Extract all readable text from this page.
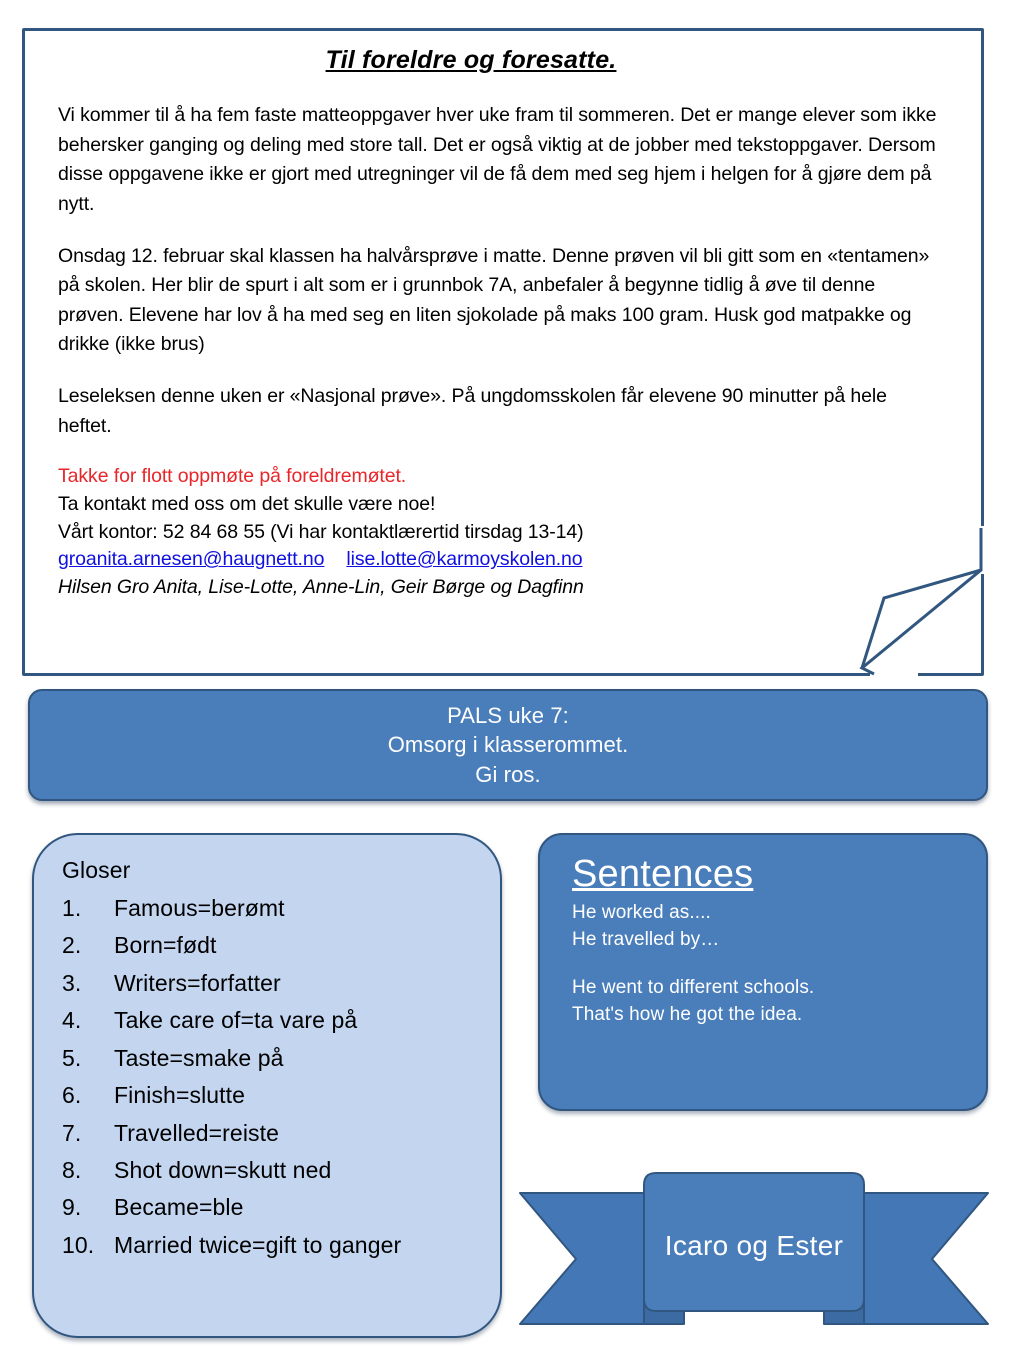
Til foreldre og foresatte.

Vi kommer til å ha fem faste matteoppgaver hver uke fram til sommeren. Det er mange elever som ikke behersker ganging og deling med store tall. Det er også viktig at de jobber med tekstoppgaver. Dersom disse oppgavene ikke er gjort med utregninger vil de få dem med seg hjem i helgen for å gjøre dem på nytt.

Onsdag 12. februar skal klassen ha halvårsprøve i matte. Denne prøven vil bli gitt som en «tentamen» på skolen. Her blir de spurt i alt som er i grunnbok 7A, anbefaler å begynne tidlig å øve til denne prøven. Elevene har lov å ha med seg en liten sjokolade på maks 100 gram. Husk god matpakke og drikke (ikke brus)

Leseleksen denne uken er «Nasjonal prøve». På ungdomsskolen får elevene 90 minutter på hele heftet.

Takke for flott oppmøte på foreldremøtet.
Ta kontakt med oss om det skulle være noe!
Vårt kontor: 52 84 68 55 (Vi har kontaktlærertid tirsdag 13-14)
groanita.arnesen@haugnett.no lise.lotte@karmoyskolen.no
Hilsen Gro Anita, Lise-Lotte, Anne-Lin, Geir Børge og Dagfinn
PALS uke 7:
Omsorg i klasserommet.
Gi ros.
Gloser
1.	Famous=berømt
2.	Born=født
3.	Writers=forfatter
4.	Take care of=ta vare på
5.	Taste=smake på
6.	Finish=slutte
7.	Travelled=reiste
8.	Shot down=skutt ned
9.	Became=ble
10. Married twice=gift to ganger
Sentences
He worked as....
He travelled by…
He went to different schools.
That's how he got the idea.
Icaro og Ester
